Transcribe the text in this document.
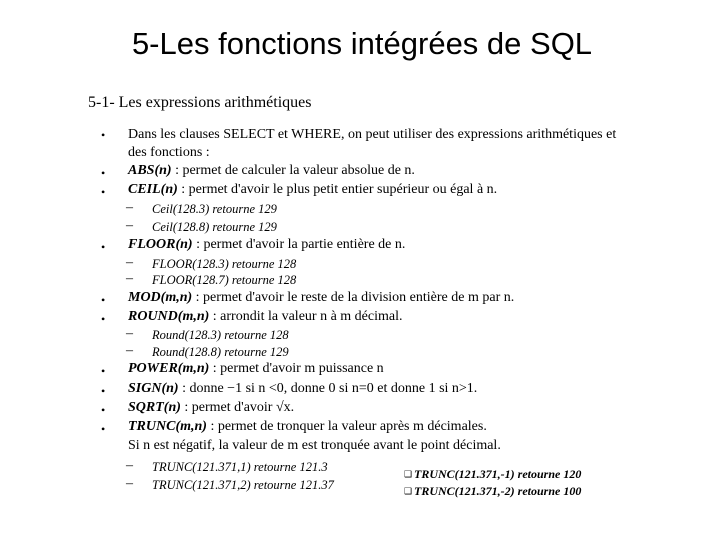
5-Les fonctions intégrées de SQL
5-1- Les expressions arithmétiques
• Dans les clauses SELECT et WHERE, on peut utiliser des expressions arithmétiques et
des fonctions :
• ABS(n) : permet de calculer la valeur absolue de n.
• CEIL(n) : permet d'avoir le plus petit entier supérieur ou égal à n.
– Ceil(128.3) retourne 129
– Ceil(128.8) retourne 129
• FLOOR(n) : permet d'avoir la partie entière de n.
– FLOOR(128.3) retourne 128
– FLOOR(128.7) retourne 128
• MOD(m,n) : permet d'avoir le reste de la division entière de m par n.
• ROUND(m,n) : arrondit la valeur n à m décimal.
– Round(128.3) retourne 128
– Round(128.8) retourne 129
• POWER(m,n) : permet d'avoir m puissance n
• SIGN(n) : donne −1 si n <0, donne 0 si n=0 et donne 1 si n>1.
• SQRT(n) : permet d'avoir √x.
• TRUNC(m,n) : permet de tronquer la valeur après m décimales.
Si n est négatif, la valeur de m est tronquée avant le point décimal.
– TRUNC(121.371,1) retourne 121.3
– TRUNC(121.371,2) retourne 121.37
❑ TRUNC(121.371,-1) retourne 120
❑ TRUNC(121.371,-2) retourne 100
